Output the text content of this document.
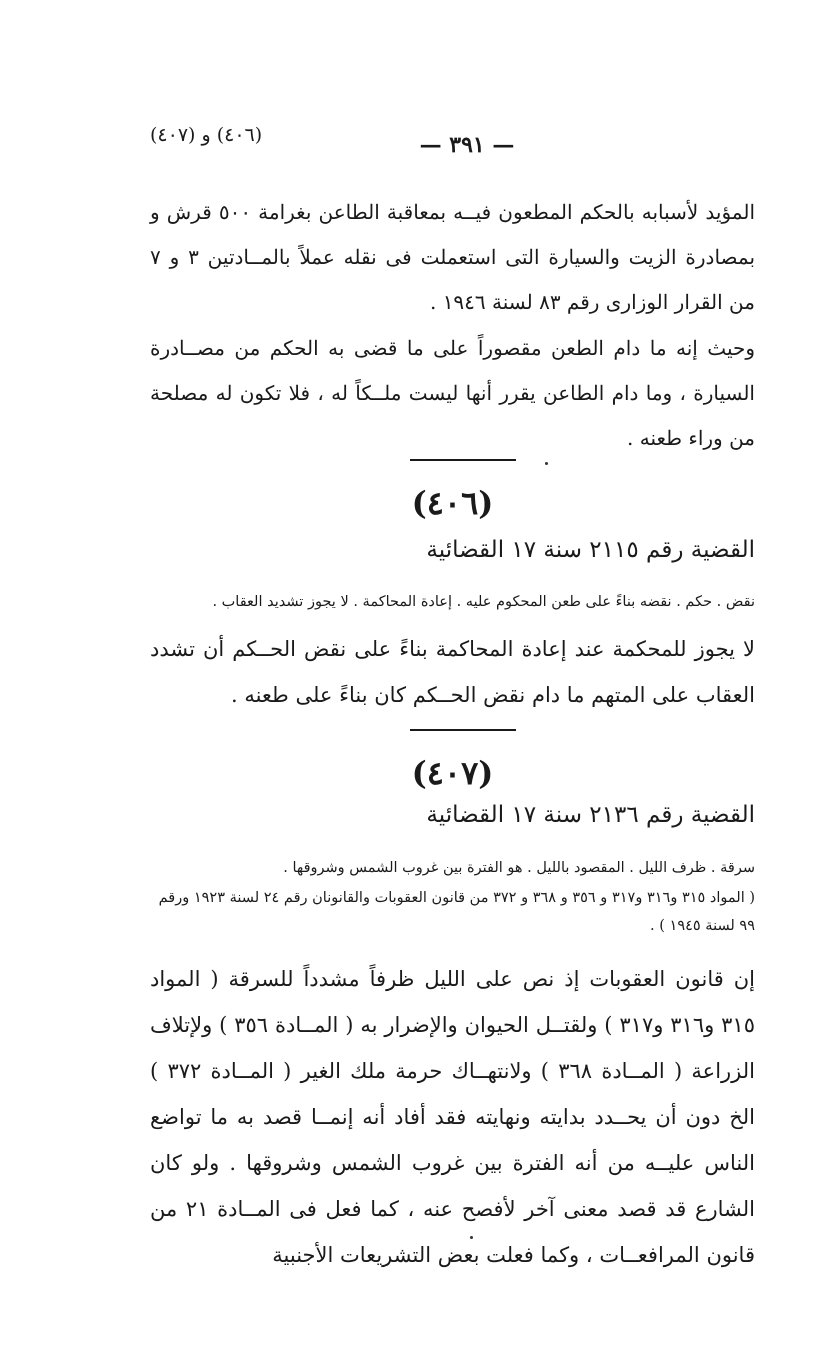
(٤٠٦) و (٤٠٧)	— ٣٩١ —

المؤيد لأسبابه بالحكم المطعون فيــه بمعاقبة الطاعن بغرامة ٥٠٠ قرش و بمصادرة الزيت والسيارة التى استعملت فى نقله عملاً بالمــادتين ٣ و ٧ من القرار الوزارى رقم ٨٣ لسنة ١٩٤٦ .

وحيث إنه ما دام الطعن مقصوراً على ما قضى به الحكم من مصــادرة السيارة ، وما دام الطاعن يقرر أنها ليست ملــكاً له ، فلا تكون له مصلحة من وراء طعنه .

(٤٠٦)
القضية رقم ٢١١٥ سنة ١٧ القضائية

نقض . حكم . نقضه بناءً على طعن المحكوم عليه . إعادة المحاكمة . لا يجوز تشديد العقاب .

لا يجوز للمحكمة عند إعادة المحاكمة بناءً على نقض الحــكم أن تشدد العقاب على المتهم ما دام نقض الحــكم كان بناءً على طعنه .

(٤٠٧)
القضية رقم ٢١٣٦ سنة ١٧ القضائية

سرقة . ظرف الليل . المقصود بالليل . هو الفترة بين غروب الشمس وشروقها .

( المواد ٣١٥ و٣١٦ و٣١٧ و ٣٥٦ و ٣٦٨ و ٣٧٢ من قانون العقوبات والقانونان رقم ٢٤ لسنة ١٩٢٣ ورقم ٩٩ لسنة ١٩٤٥ ) .

إن قانون العقوبات إذ نص على الليل ظرفاً مشدداً للسرقة ( المواد ٣١٥ و٣١٦ و٣١٧ ) ولقتــل الحيوان والإضرار به ( المــادة ٣٥٦ ) ولإتلاف الزراعة ( المــادة ٣٦٨ ) ولانتهــاك حرمة ملك الغير ( المــادة ٣٧٢ ) الخ دون أن يحــدد بدايته ونهايته فقد أفاد أنه إنمــا قصد به ما تواضع الناس عليــه من أنه الفترة بين غروب الشمس وشروقها . ولو كان الشارع قد قصد معنى آخر لأفصح عنه ، كما فعل فى المــادة ٢١ من قانون المرافعــات ، وكما فعلت بعض التشريعات الأجنبية
